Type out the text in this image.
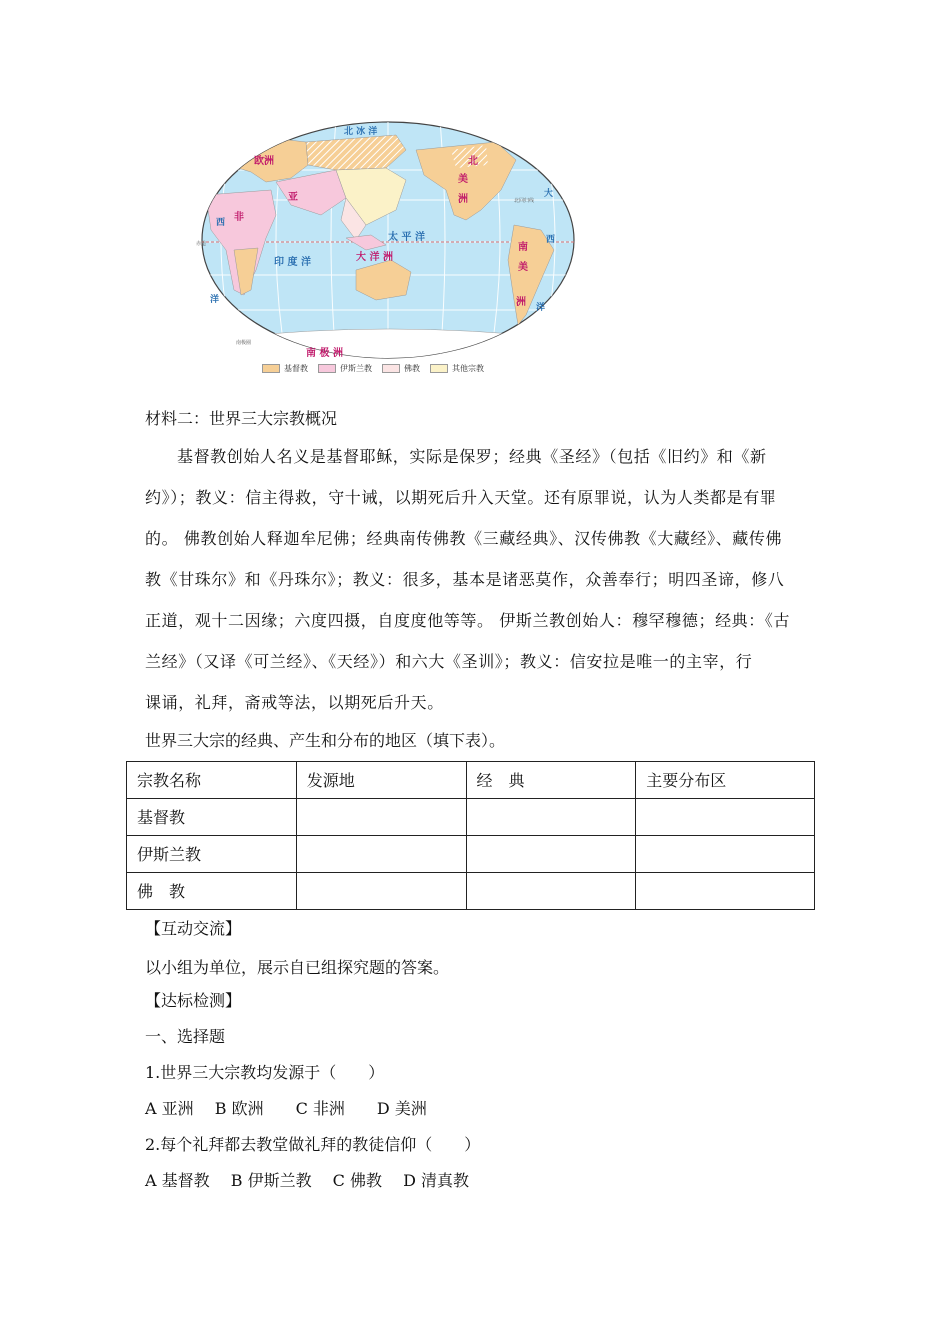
北 冰 洋
欧洲
亚
非
北
美
洲
南
美
洲
太 平 洋
印 度 洋	大 洋 洲
南 极 洲
西
西
大
洋
洋
赤道
南极圈
北回归线
基督教	伊斯兰教	佛教	其他宗教
材料二：世界三大宗教概况
基督教创始人名义是基督耶稣，实际是保罗；经典《圣经》（包括《旧约》和《新
约》）；教义：信主得救，守十诫，以期死后升入天堂。还有原罪说，认为人类都是有罪
的。 佛教创始人释迦牟尼佛；经典南传佛教《三藏经典》、汉传佛教《大藏经》、藏传佛
教《甘珠尔》和《丹珠尔》；教义：很多，基本是诸恶莫作，众善奉行；明四圣谛，修八
正道，观十二因缘；六度四摄，自度度他等等。 伊斯兰教创始人：穆罕穆德；经典：《古
兰经》（又译《可兰经》、《天经》）和六大《圣训》；教义：信安拉是唯一的主宰，行
课诵，礼拜，斋戒等法，以期死后升天。
世界三大宗的经典、产生和分布的地区（填下表）。
宗教名称	发源地	经　典	主要分布区
基督教			
伊斯兰教			
佛　教			
【互动交流】
以小组为单位，展示自已组探究题的答案。
【达标检测】
一、选择题
1.世界三大宗教均发源于（　　）
A 亚洲　 B 欧洲　　C 非洲　　D 美洲
2.每个礼拜都去教堂做礼拜的教徒信仰（　　）
A 基督教　 B 伊斯兰教　 C 佛教　 D 清真教
